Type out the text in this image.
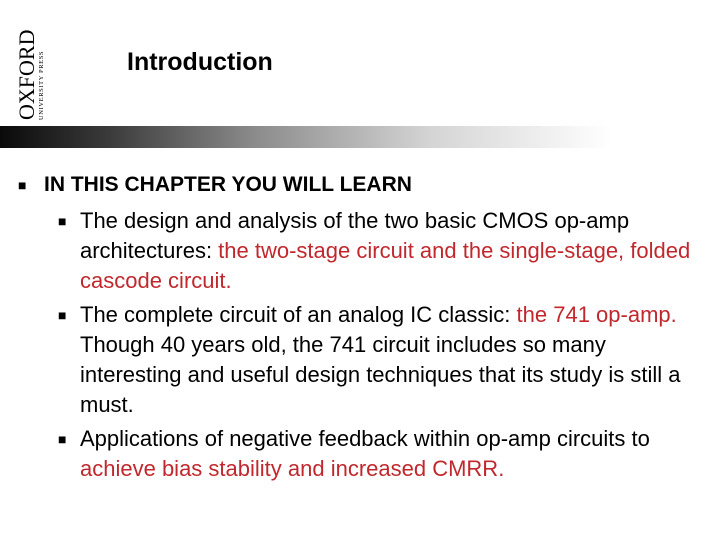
OXFORD UNIVERSITY PRESS	Introduction
■ IN THIS CHAPTER YOU WILL LEARN
■ The design and analysis of the two basic CMOS op-amp architectures: the two-stage circuit and the single-stage, folded cascode circuit.
■ The complete circuit of an analog IC classic: the 741 op-amp. Though 40 years old, the 741 circuit includes so many interesting and useful design techniques that its study is still a must.
■ Applications of negative feedback within op-amp circuits to achieve bias stability and increased CMRR.
